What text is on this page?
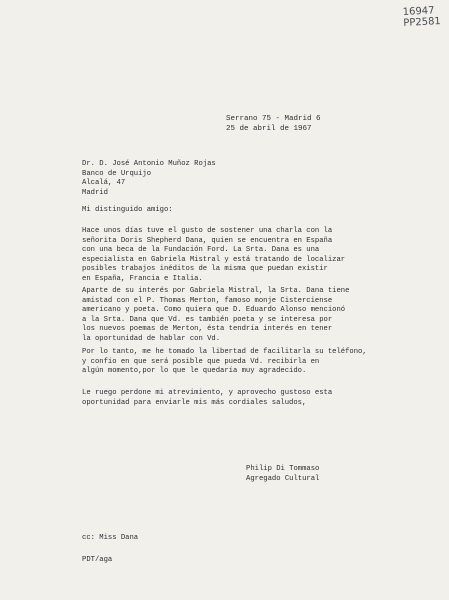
16947
PP2581
Serrano 75 - Madrid 6
25 de abril de 1967
Dr. D. José Antonio Muñoz Rojas
Banco de Urquijo
Alcalá, 47
Madrid
Mi distinguido amigo:
Hace unos días tuve el gusto de sostener una charla con la
señorita Doris Shepherd Dana, quien se encuentra en España
con una beca de la Fundación Ford. La Srta. Dana es una
especialista en Gabriela Mistral y está tratando de localizar
posibles trabajos inéditos de la misma que puedan existir
en España, Francia e Italia.
Aparte de su interés por Gabriela Mistral, la Srta. Dana tiene
amistad con el P. Thomas Merton, famoso monje Cisterciense
americano y poeta. Como quiera que D. Eduardo Alonso mencionó
a la Srta. Dana que Vd. es también poeta y se interesa por
los nuevos poemas de Merton, ésta tendría interés en tener
la oportunidad de hablar con Vd.
Por lo tanto, me he tomado la libertad de facilitarla su teléfono,
y confío en que será posible que pueda Vd. recibirla en
algún momento,por lo que le quedaría muy agradecido.
Le ruego perdone mi atrevimiento, y aprovecho gustoso esta
oportunidad para enviarle mis más cordiales saludos,
Philip Di Tommaso
Agregado Cultural
cc: Miss Dana
PDT/aga
